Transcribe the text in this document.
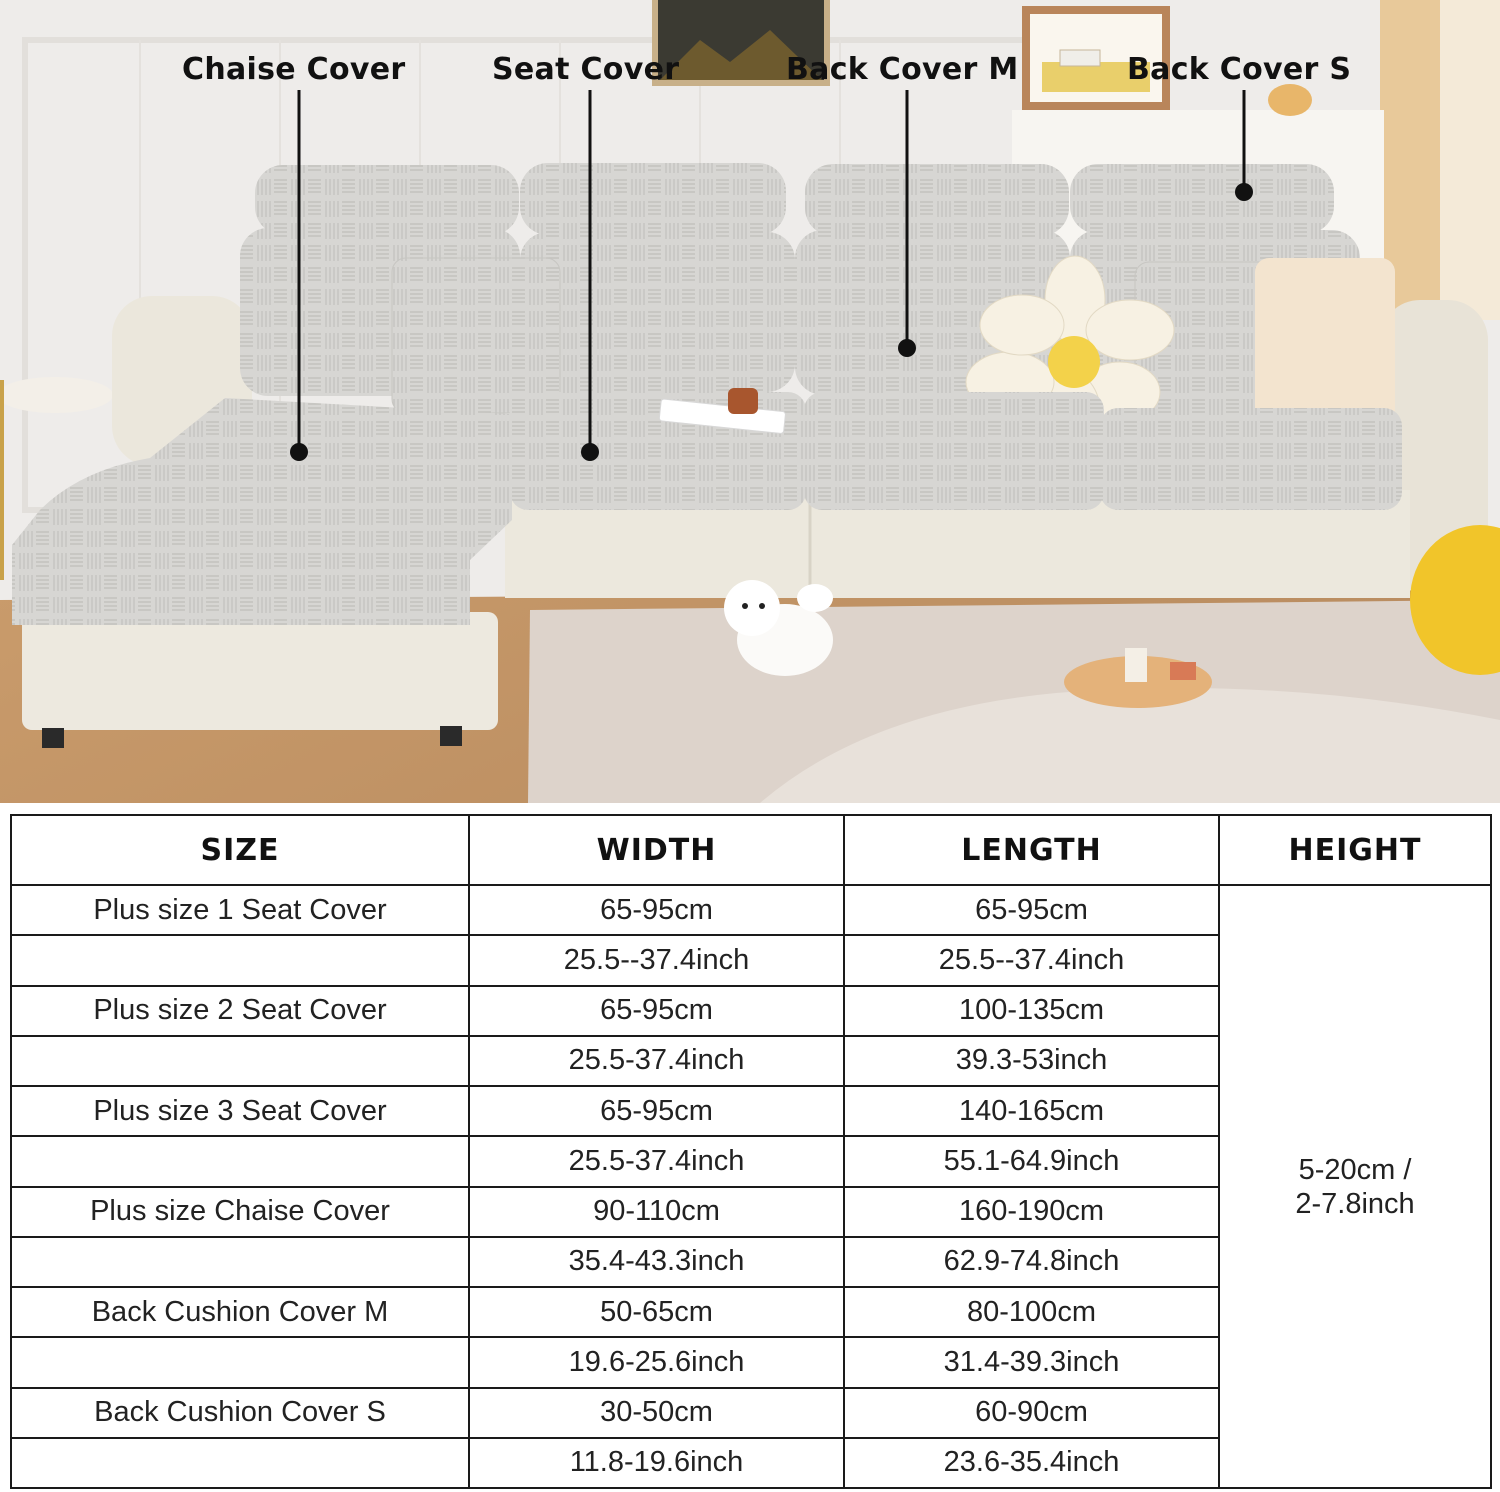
Chaise Cover	Seat Cover	Back Cover M	Back Cover S
SIZE	WIDTH	LENGTH	HEIGHT
Plus size 1 Seat Cover	65-95cm	65-95cm	5-20cm /
2-7.8inch
	25.5--37.4inch	25.5--37.4inch	
Plus size 2 Seat Cover	65-95cm	100-135cm	
	25.5-37.4inch	39.3-53inch	
Plus size 3 Seat Cover	65-95cm	140-165cm	
	25.5-37.4inch	55.1-64.9inch	
Plus size Chaise Cover	90-110cm	160-190cm	
	35.4-43.3inch	62.9-74.8inch	
Back Cushion Cover M	50-65cm	80-100cm	
	19.6-25.6inch	31.4-39.3inch	
Back Cushion Cover S	30-50cm	60-90cm	
	11.8-19.6inch	23.6-35.4inch	
